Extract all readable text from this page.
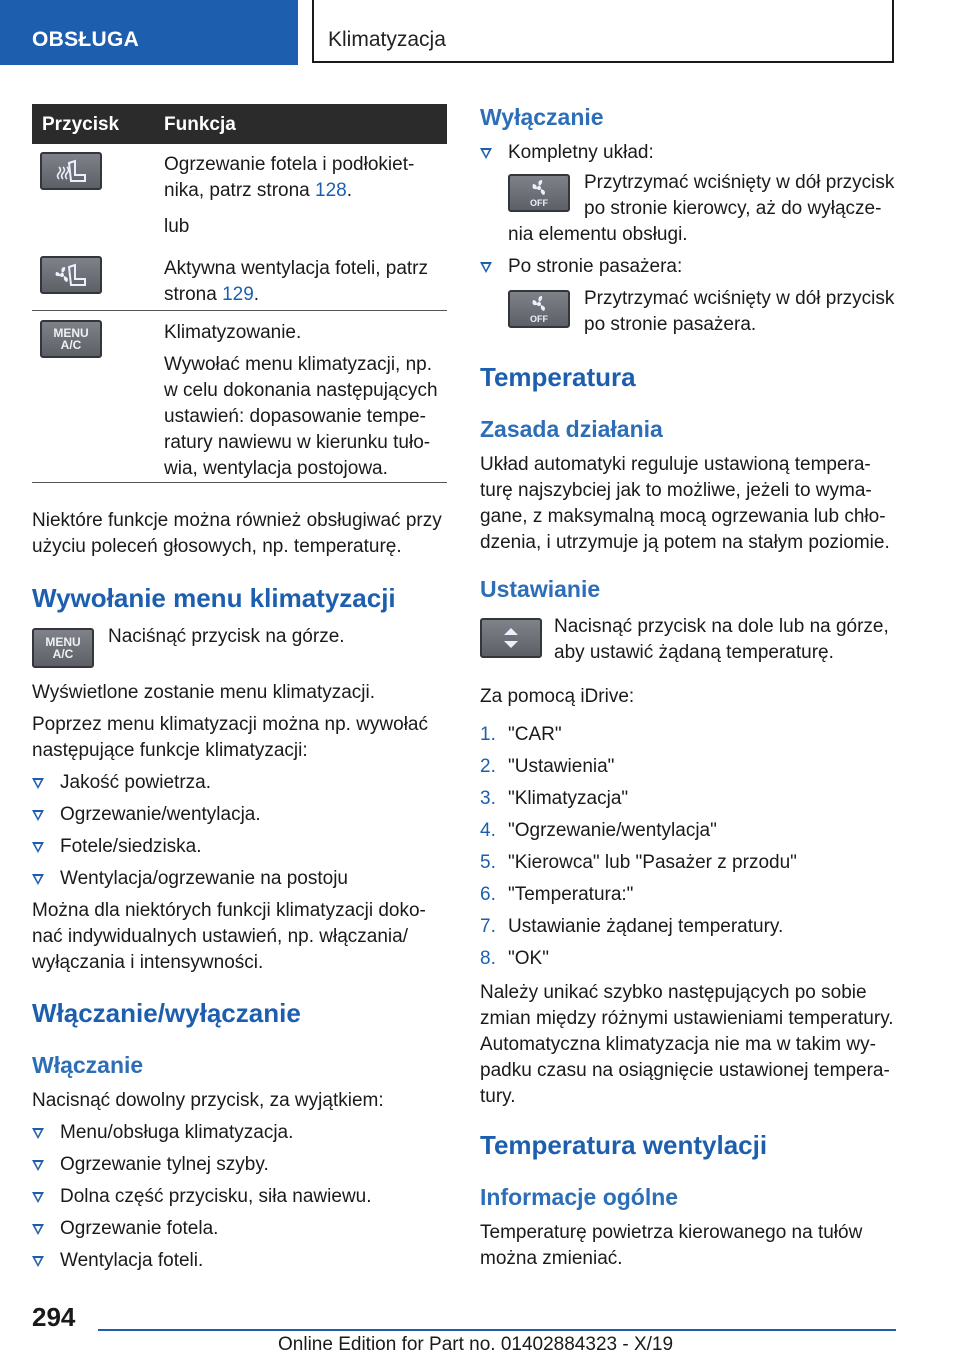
OBSŁUGA	Klimatyzacja
Przycisk Funkcja
Ogrzewanie fotela i podłokiet-
nika, patrz strona 128.
lub
Aktywna wentylacja foteli, patrz
strona 129.
MENU
A/C
Klimatyzowanie.
Wywołać menu klimatyzacji, np.
w celu dokonania następujących
ustawień: dopasowanie tempe-
ratury nawiewu w kierunku tuło-
wia, wentylacja postojowa.
Niektóre funkcje można również obsługiwać przy
użyciu poleceń głosowych, np. temperaturę.
Wywołanie menu klimatyzacji
MENU
A/C
Naciśnąć przycisk na górze.
Wyświetlone zostanie menu klimatyzacji.
Poprzez menu klimatyzacji można np. wywołać
następujące funkcje klimatyzacji:
Jakość powietrza.
Ogrzewanie/wentylacja.
Fotele/siedziska.
Wentylacja/ogrzewanie na postoju
Można dla niektórych funkcji klimatyzacji doko-
nać indywidualnych ustawień, np. włączania/
wyłączania i intensywności.
Włączanie/wyłączanie
Włączanie
Nacisnąć dowolny przycisk, za wyjątkiem:
Menu/obsługa klimatyzacja.
Ogrzewanie tylnej szyby.
Dolna część przycisku, siła nawiewu.
Ogrzewanie fotela.
Wentylacja foteli.
Wyłączanie
Kompletny układ:
OFF
Przytrzymać wciśnięty w dół przycisk
po stronie kierowcy, aż do wyłącze-
nia elementu obsługi.
Po stronie pasażera:
OFF
Przytrzymać wciśnięty w dół przycisk
po stronie pasażera.
Temperatura
Zasada działania
Układ automatyki reguluje ustawioną tempera-
turę najszybciej jak to możliwe, jeżeli to wyma-
gane, z maksymalną mocą ogrzewania lub chło-
dzenia, i utrzymuje ją potem na stałym poziomie.
Ustawianie
Nacisnąć przycisk na dole lub na górze,
aby ustawić żądaną temperaturę.
Za pomocą iDrive:
1. "CAR"
2. "Ustawienia"
3. "Klimatyzacja"
4. "Ogrzewanie/wentylacja"
5. "Kierowca" lub "Pasażer z przodu"
6. "Temperatura:"
7. Ustawianie żądanej temperatury.
8. "OK"
Należy unikać szybko następujących po sobie
zmian między różnymi ustawieniami temperatury.
Automatyczna klimatyzacja nie ma w takim wy-
padku czasu na osiągnięcie ustawionej tempera-
tury.
Temperatura wentylacji
Informacje ogólne
Temperaturę powietrza kierowanego na tułów
można zmieniać.
294
Online Edition for Part no. 01402884323 - X/19
